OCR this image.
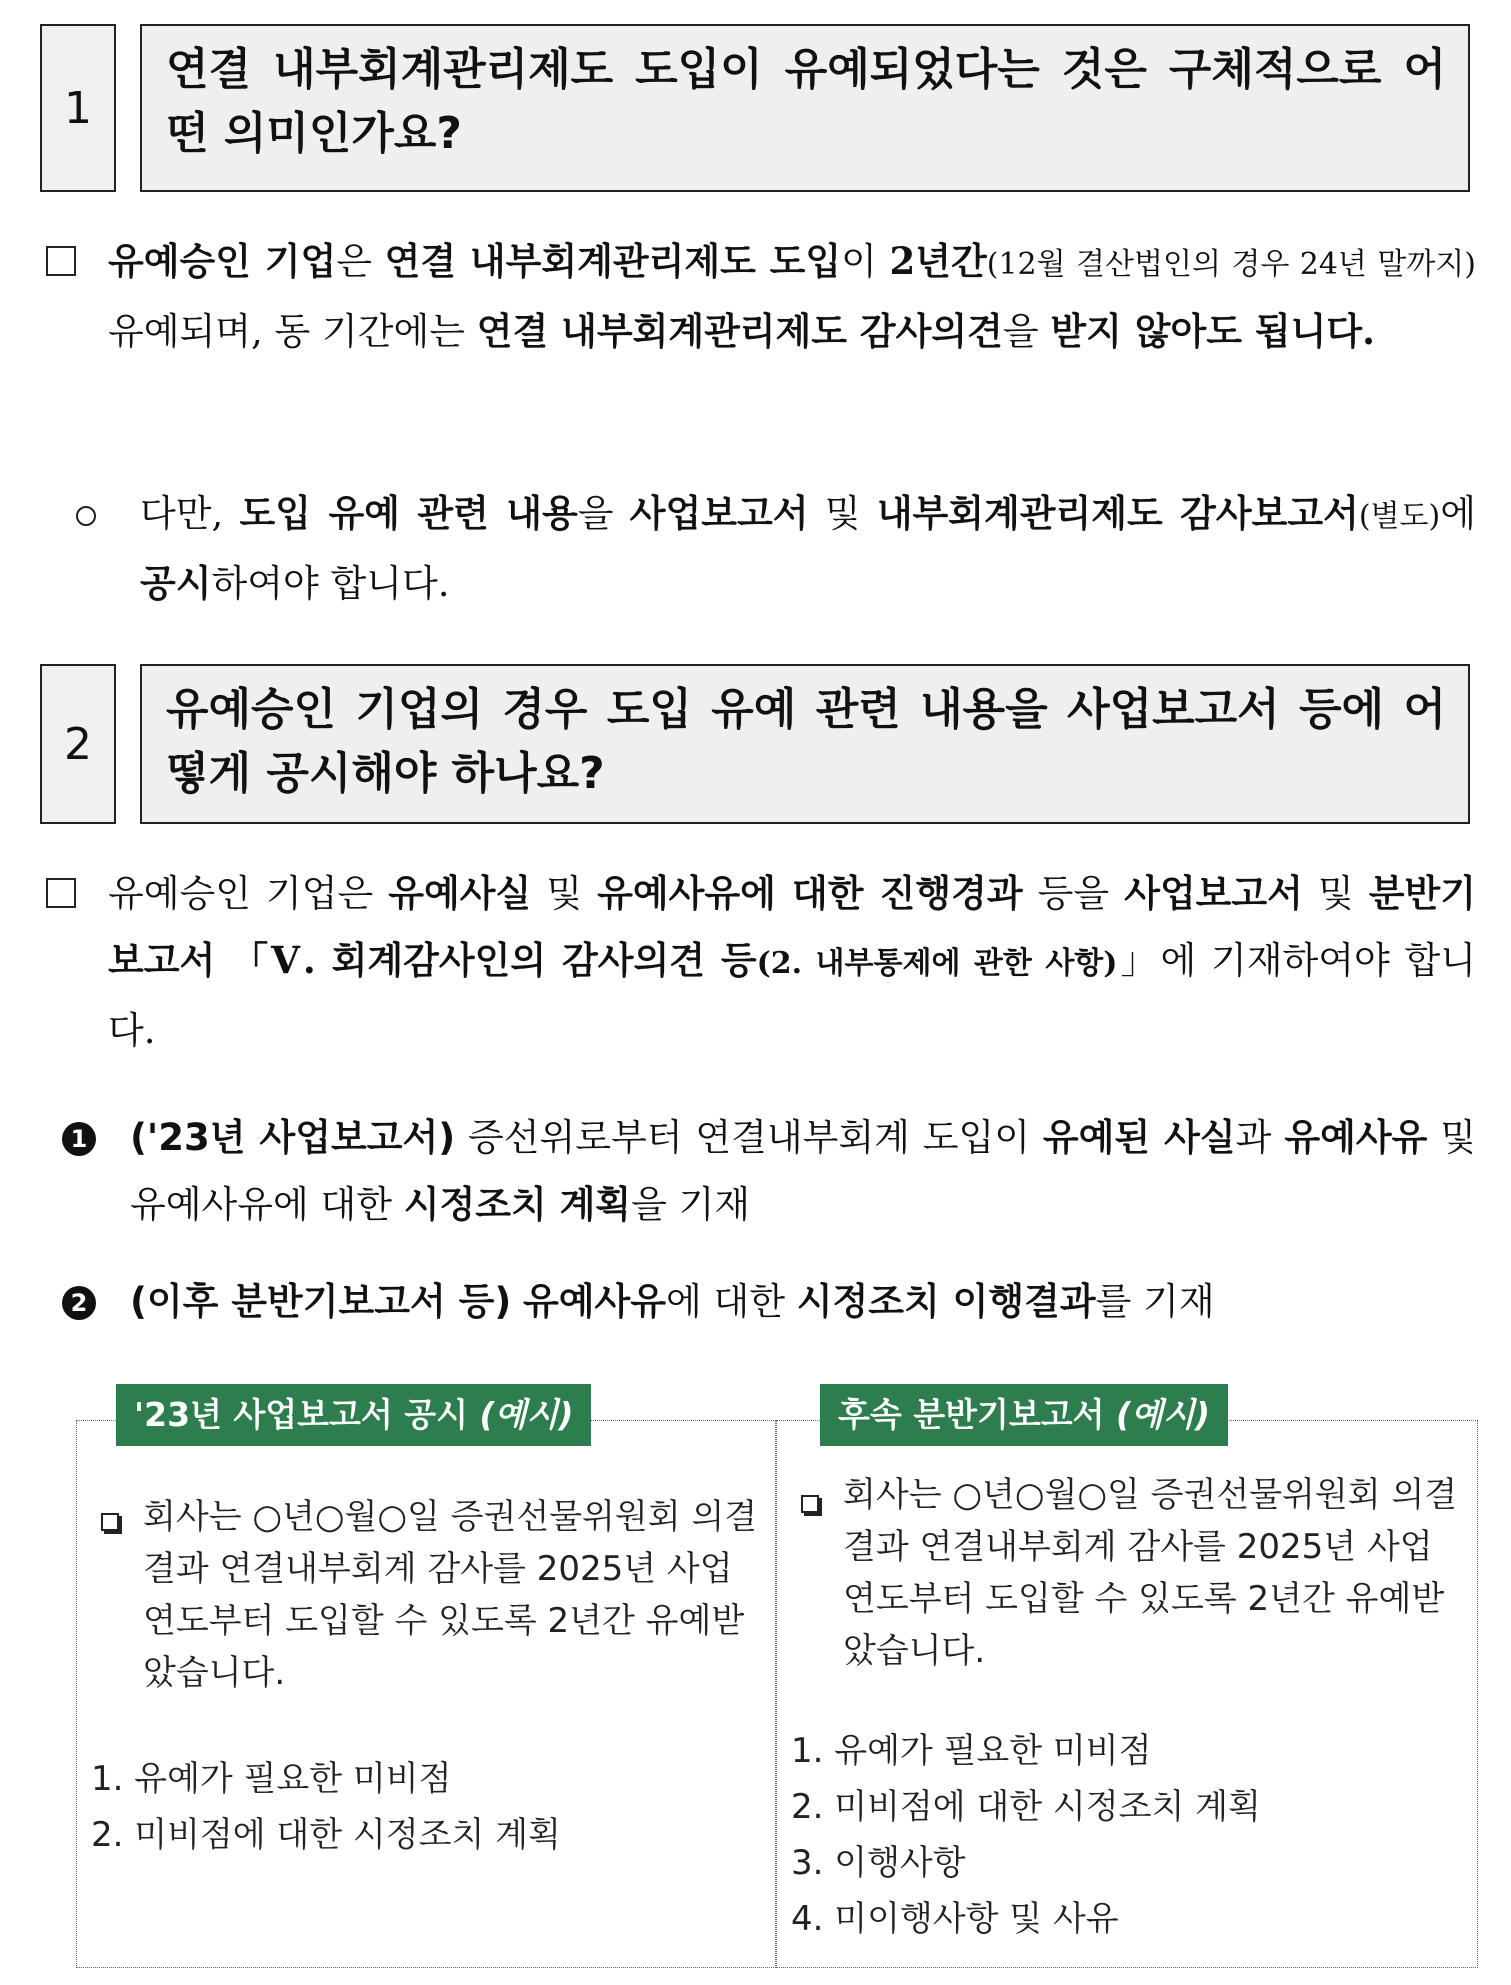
1
연결 내부회계관리제도 도입이 유예되었다는 것은 구체적으로 어떤 의미인가요?
유예승인 기업은 연결 내부회계관리제도 도입이 2년간(12월 결산법인의 경우 24년 말까지)유예되며, 동 기간에는 연결 내부회계관리제도 감사의견을 받지 않아도 됩니다.
다만, 도입 유예 관련 내용을 사업보고서 및 내부회계관리제도 감사보고서(별도)에 공시하여야 합니다.
2
유예승인 기업의 경우 도입 유예 관련 내용을 사업보고서 등에 어떻게 공시해야 하나요?
유예승인 기업은 유예사실 및 유예사유에 대한 진행경과 등을 사업보고서 및 분반기보고서 「Ⅴ. 회계감사인의 감사의견 등(2. 내부통제에 관한 사항)」에 기재하여야 합니다.
1 ('23년 사업보고서) 증선위로부터 연결내부회계 도입이 유예된 사실과 유예사유 및 유예사유에 대한 시정조치 계획을 기재
2 (이후 분반기보고서 등) 유예사유에 대한 시정조치 이행결과를 기재
회사는 ○년○월○일 증권선물위원회 의결 결과 연결내부회계 감사를 2025년 사업연도부터 도입할 수 있도록 2년간 유예받았습니다.
1. 유예가 필요한 미비점
2. 미비점에 대한 시정조치 계획
'23년 사업보고서 공시 (예시)
회사는 ○년○월○일 증권선물위원회 의결 결과 연결내부회계 감사를 2025년 사업연도부터 도입할 수 있도록 2년간 유예받았습니다.
1. 유예가 필요한 미비점
2. 미비점에 대한 시정조치 계획
3. 이행사항
4. 미이행사항 및 사유
후속 분반기보고서 (예시)
